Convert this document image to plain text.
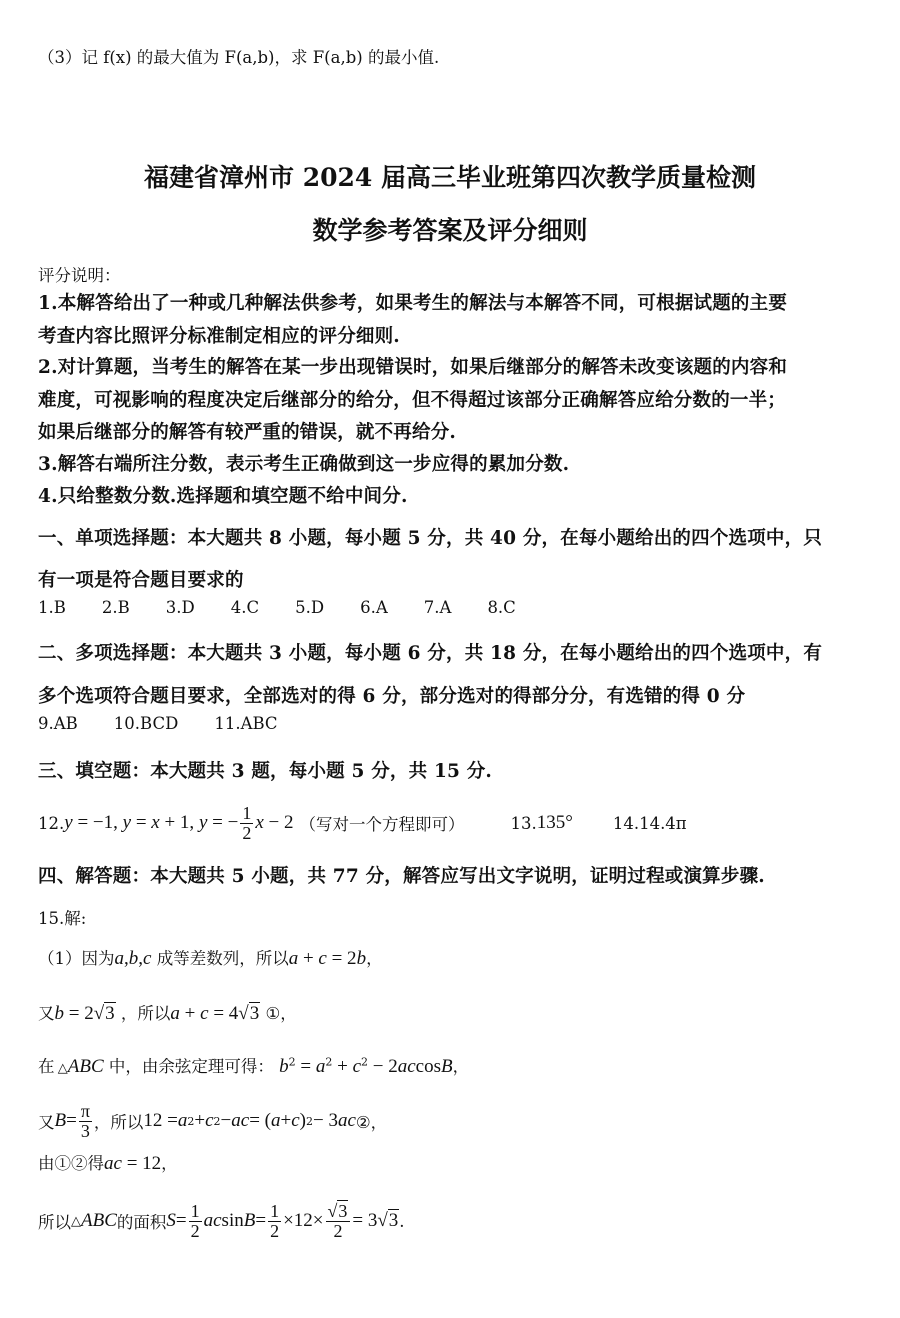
（3）记 f(x) 的最大值为 F(a,b)，求 F(a,b) 的最小值.
福建省漳州市 2024 届高三毕业班第四次教学质量检测
数学参考答案及评分细则
评分说明：
1.本解答给出了一种或几种解法供参考，如果考生的解法与本解答不同，可根据试题的主要
考查内容比照评分标准制定相应的评分细则.
2.对计算题，当考生的解答在某一步出现错误时，如果后继部分的解答未改变该题的内容和
难度，可视影响的程度决定后继部分的给分，但不得超过该部分正确解答应给分数的一半；
如果后继部分的解答有较严重的错误，就不再给分.
3.解答右端所注分数，表示考生正确做到这一步应得的累加分数.
4.只给整数分数.选择题和填空题不给中间分.
一、单项选择题：本大题共 8 小题，每小题 5 分，共 40 分，在每小题给出的四个选项中，只
有一项是符合题目要求的
1.B 2.B 3.D 4.C 5.D 6.A 7.A 8.C
二、多项选择题：本大题共 3 小题，每小题 6 分，共 18 分，在每小题给出的四个选项中，有
多个选项符合题目要求，全部选对的得 6 分，部分选对的得部分分，有选错的得 0 分
9.AB 10.BCD 11.ABC
三、填空题：本大题共 3 题，每小题 5 分，共 15 分.
12. y = −1, y = x + 1, y = − $\frac{1}{2}$ x − 2 （写对一个方程即可）	13. 135° 14.14.4π
四、解答题：本大题共 5 小题，共 77 分，解答应写出文字说明，证明过程或演算步骤.
15.解:
（1）因为a,b,c 成等差数列，所以a + c = 2b，
又b = 2√3 ，所以a + c = 4√3 ①，
在 △ABC 中，由余弦定理可得： $b^2 = a^2 + c^2 - 2accosB$，
又 $B = \frac{\pi}{3}$ ，所以 12 = a 2 + c 2 − ac = ( a + c ) 2 − 3 ac ②，
由①②得ac = 12，
所以 △ ABC 的面积 $S = \frac{1}{2}$ ac $\sin B = \frac{1}{2} \times 12\times \frac{√3}{2} = 3√3$ .
